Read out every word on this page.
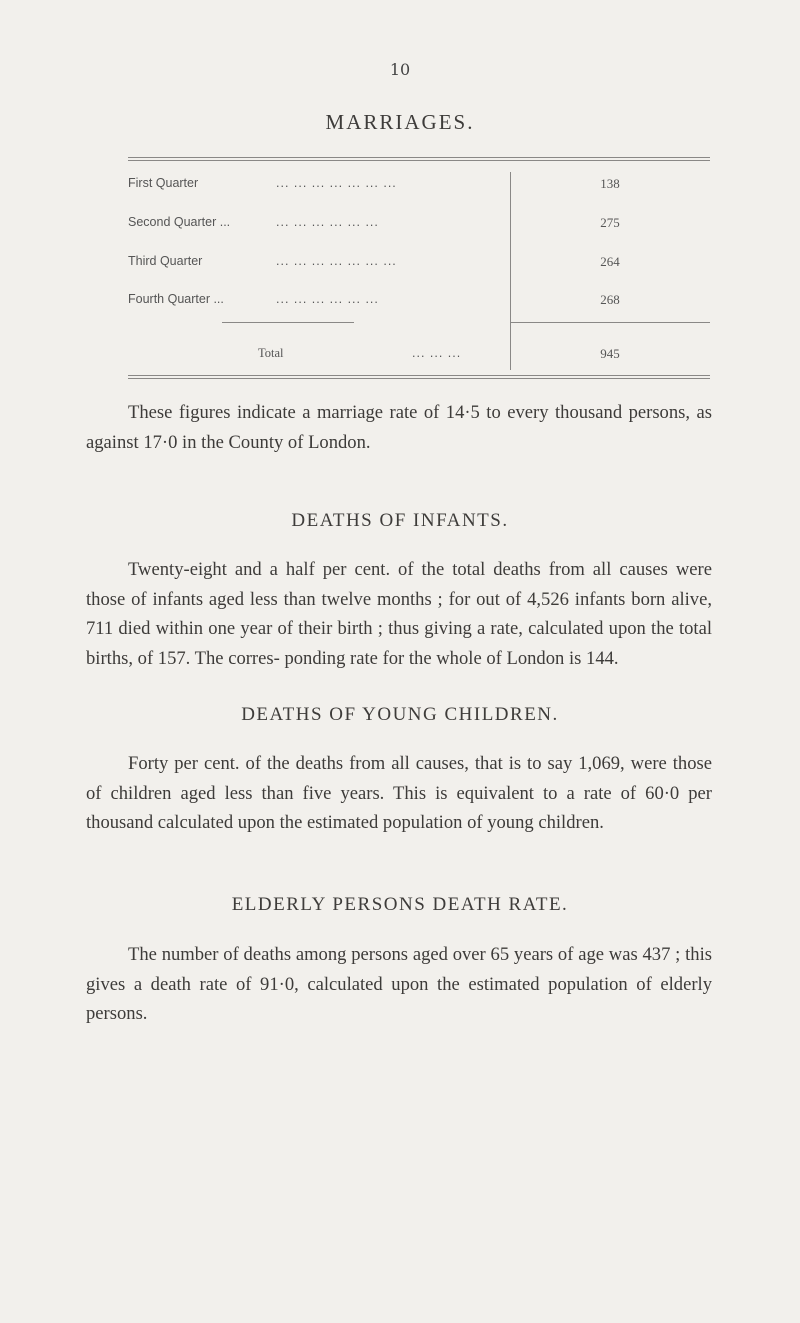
10
MARRIAGES.
First Quarter	... ... ... ... ... ... ...	138
Second Quarter ...	... ... ... ... ... ...	275
Third Quarter	... ... ... ... ... ... ...	264
Fourth Quarter ...	... ... ... ... ... ...	268
Total	... ... ...	945

These figures indicate a marriage rate of 14·5 to every thousand persons, as against 17·0 in the County of London.

DEATHS OF INFANTS.

Twenty-eight and a half per cent. of the total deaths from all causes were those of infants aged less than twelve months ; for out of 4,526 infants born alive, 711 died within one year of their birth ; thus giving a rate, calculated upon the total births, of 157. The corres- ponding rate for the whole of London is 144.

DEATHS OF YOUNG CHILDREN.

Forty per cent. of the deaths from all causes, that is to say 1,069, were those of children aged less than five years. This is equivalent to a rate of 60·0 per thousand calculated upon the estimated population of young children.

ELDERLY PERSONS DEATH RATE.

The number of deaths among persons aged over 65 years of age was 437 ; this gives a death rate of 91·0, calculated upon the estimated population of elderly persons.
